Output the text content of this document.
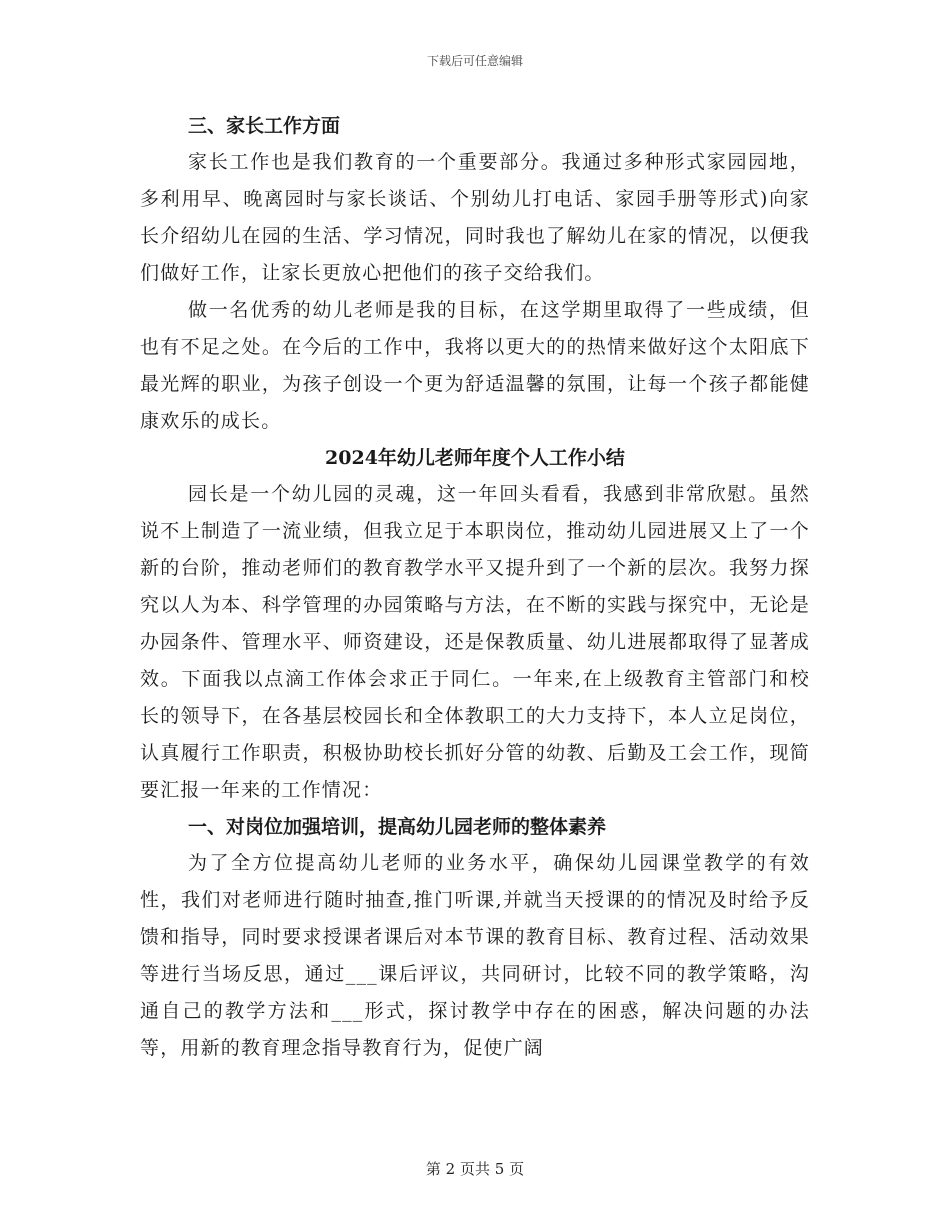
下载后可任意编辑

三、家长工作方面

家长工作也是我们教育的一个重要部分。我通过多种形式家园园地，多利用早、晚离园时与家长谈话、个别幼儿打电话、家园手册等形式)向家长介绍幼儿在园的生活、学习情况，同时我也了解幼儿在家的情况，以便我们做好工作，让家长更放心把他们的孩子交给我们。

做一名优秀的幼儿老师是我的目标，在这学期里取得了一些成绩，但也有不足之处。在今后的工作中，我将以更大的的热情来做好这个太阳底下最光辉的职业，为孩子创设一个更为舒适温馨的氛围，让每一个孩子都能健康欢乐的成长。

2024年幼儿老师年度个人工作小结

园长是一个幼儿园的灵魂，这一年回头看看，我感到非常欣慰。虽然说不上制造了一流业绩，但我立足于本职岗位，推动幼儿园进展又上了一个新的台阶，推动老师们的教育教学水平又提升到了一个新的层次。我努力探究以人为本、科学管理的办园策略与方法，在不断的实践与探究中，无论是办园条件、管理水平、师资建设，还是保教质量、幼儿进展都取得了显著成效。下面我以点滴工作体会求正于同仁。一年来,在上级教育主管部门和校长的领导下，在各基层校园长和全体教职工的大力支持下，本人立足岗位，认真履行工作职责，积极协助校长抓好分管的幼教、后勤及工会工作，现简要汇报一年来的工作情况：

一、对岗位加强培训，提高幼儿园老师的整体素养

为了全方位提高幼儿老师的业务水平，确保幼儿园课堂教学的有效性，我们对老师进行随时抽查,推门听课,并就当天授课的的情况及时给予反馈和指导，同时要求授课者课后对本节课的教育目标、教育过程、活动效果等进行当场反思，通过___课后评议，共同研讨，比较不同的教学策略，沟通自己的教学方法和___形式，探讨教学中存在的困惑，解决问题的办法等，用新的教育理念指导教育行为，促使广阔

第 2 页共 5 页
